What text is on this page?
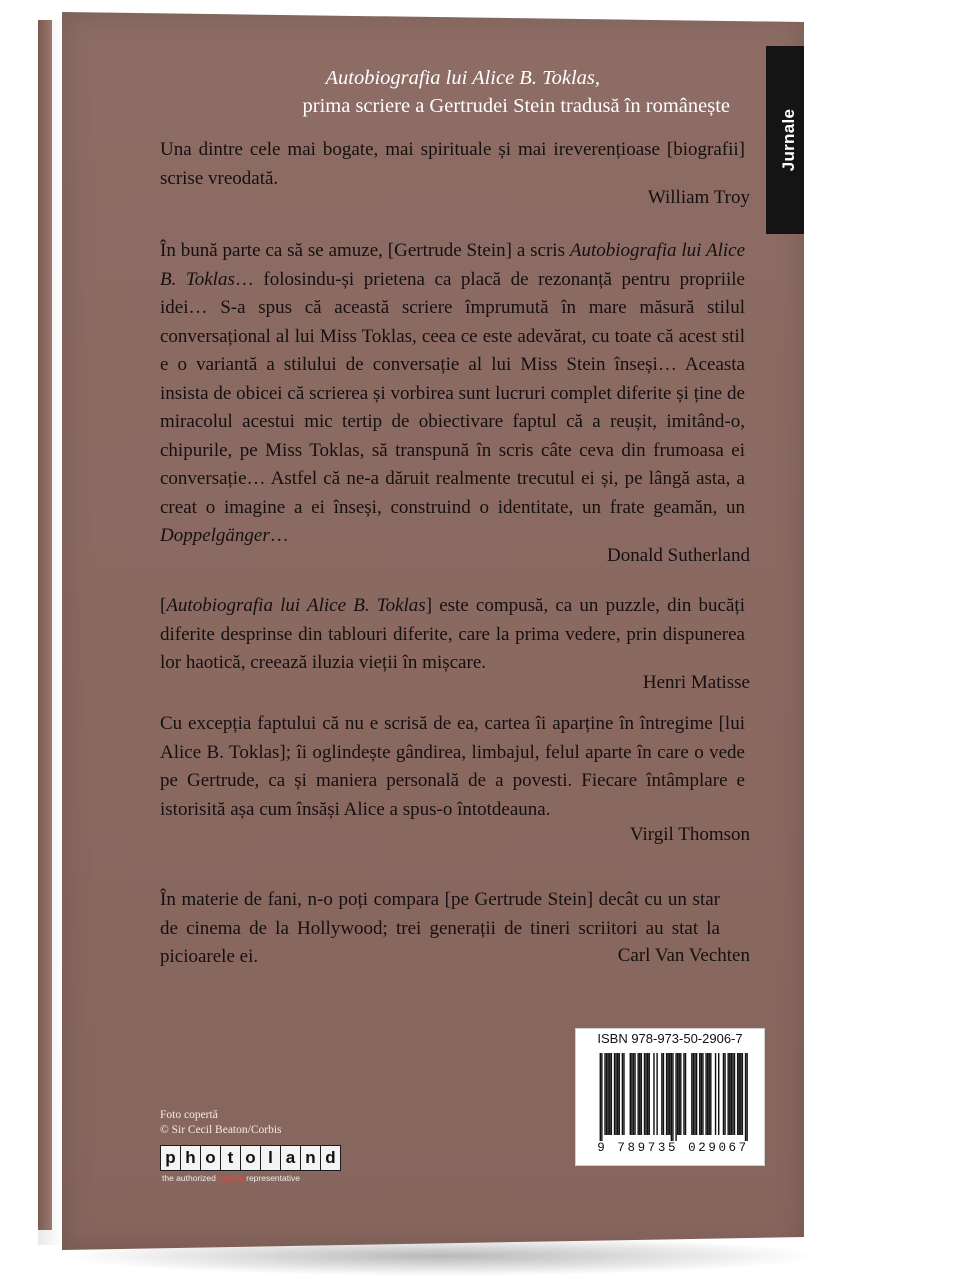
Autobiografia lui Alice B. Toklas,
prima scriere a Gertrudei Stein tradusă în românește
Memorii
Jurnale

Una dintre cele mai bogate, mai spirituale și mai ireverențioase [biografii] scrise vreodată.

William Troy

În bună parte ca să se amuze, [Gertrude Stein] a scris Autobiografia lui Alice B. Toklas… folosindu-și prietena ca placă de rezonanță pentru propriile idei… S-a spus că această scriere împrumută în mare măsură stilul conversațional al lui Miss Toklas, ceea ce este adevărat, cu toate că acest stil e o variantă a stilului de conversație al lui Miss Stein înseși… Aceasta insista de obicei că scrierea și vorbirea sunt lucruri complet diferite și ține de miracolul acestui mic tertip de obiectivare faptul că a reușit, imitând-o, chipurile, pe Miss Toklas, să transpună în scris câte ceva din frumoasa ei conversație… Astfel că ne-a dăruit realmente trecutul ei și, pe lângă asta, a creat o imagine a ei înseși, construind o identitate, un frate geamăn, un Doppelgänger…

Donald Sutherland

[Autobiografia lui Alice B. Toklas] este compusă, ca un puzzle, din bucăți diferite desprinse din tablouri diferite, care la prima vedere, prin dispunerea lor haotică, creează iluzia vieții în mișcare.

Henri Matisse

Cu excepția faptului că nu e scrisă de ea, cartea îi aparține în întregime [lui Alice B. Toklas]; îi oglindește gândirea, limbajul, felul aparte în care o vede pe Gertrude, ca și maniera personală de a povesti. Fiecare întâmplare e istorisită așa cum însăși Alice a spus-o întotdeauna.

Virgil Thomson

În materie de fani, n-o poți compara [pe Gertrude Stein] decât cu un star de cinema de la Hollywood; trei generații de tineri scriitori au stat la picioarele ei.	Carl Van Vechten
ISBN 978-973-50-2906-7
9 789735 029067
Foto copertă
© Sir Cecil Beaton/Corbis
p h o t o l a n d
the authorized corbis representative
